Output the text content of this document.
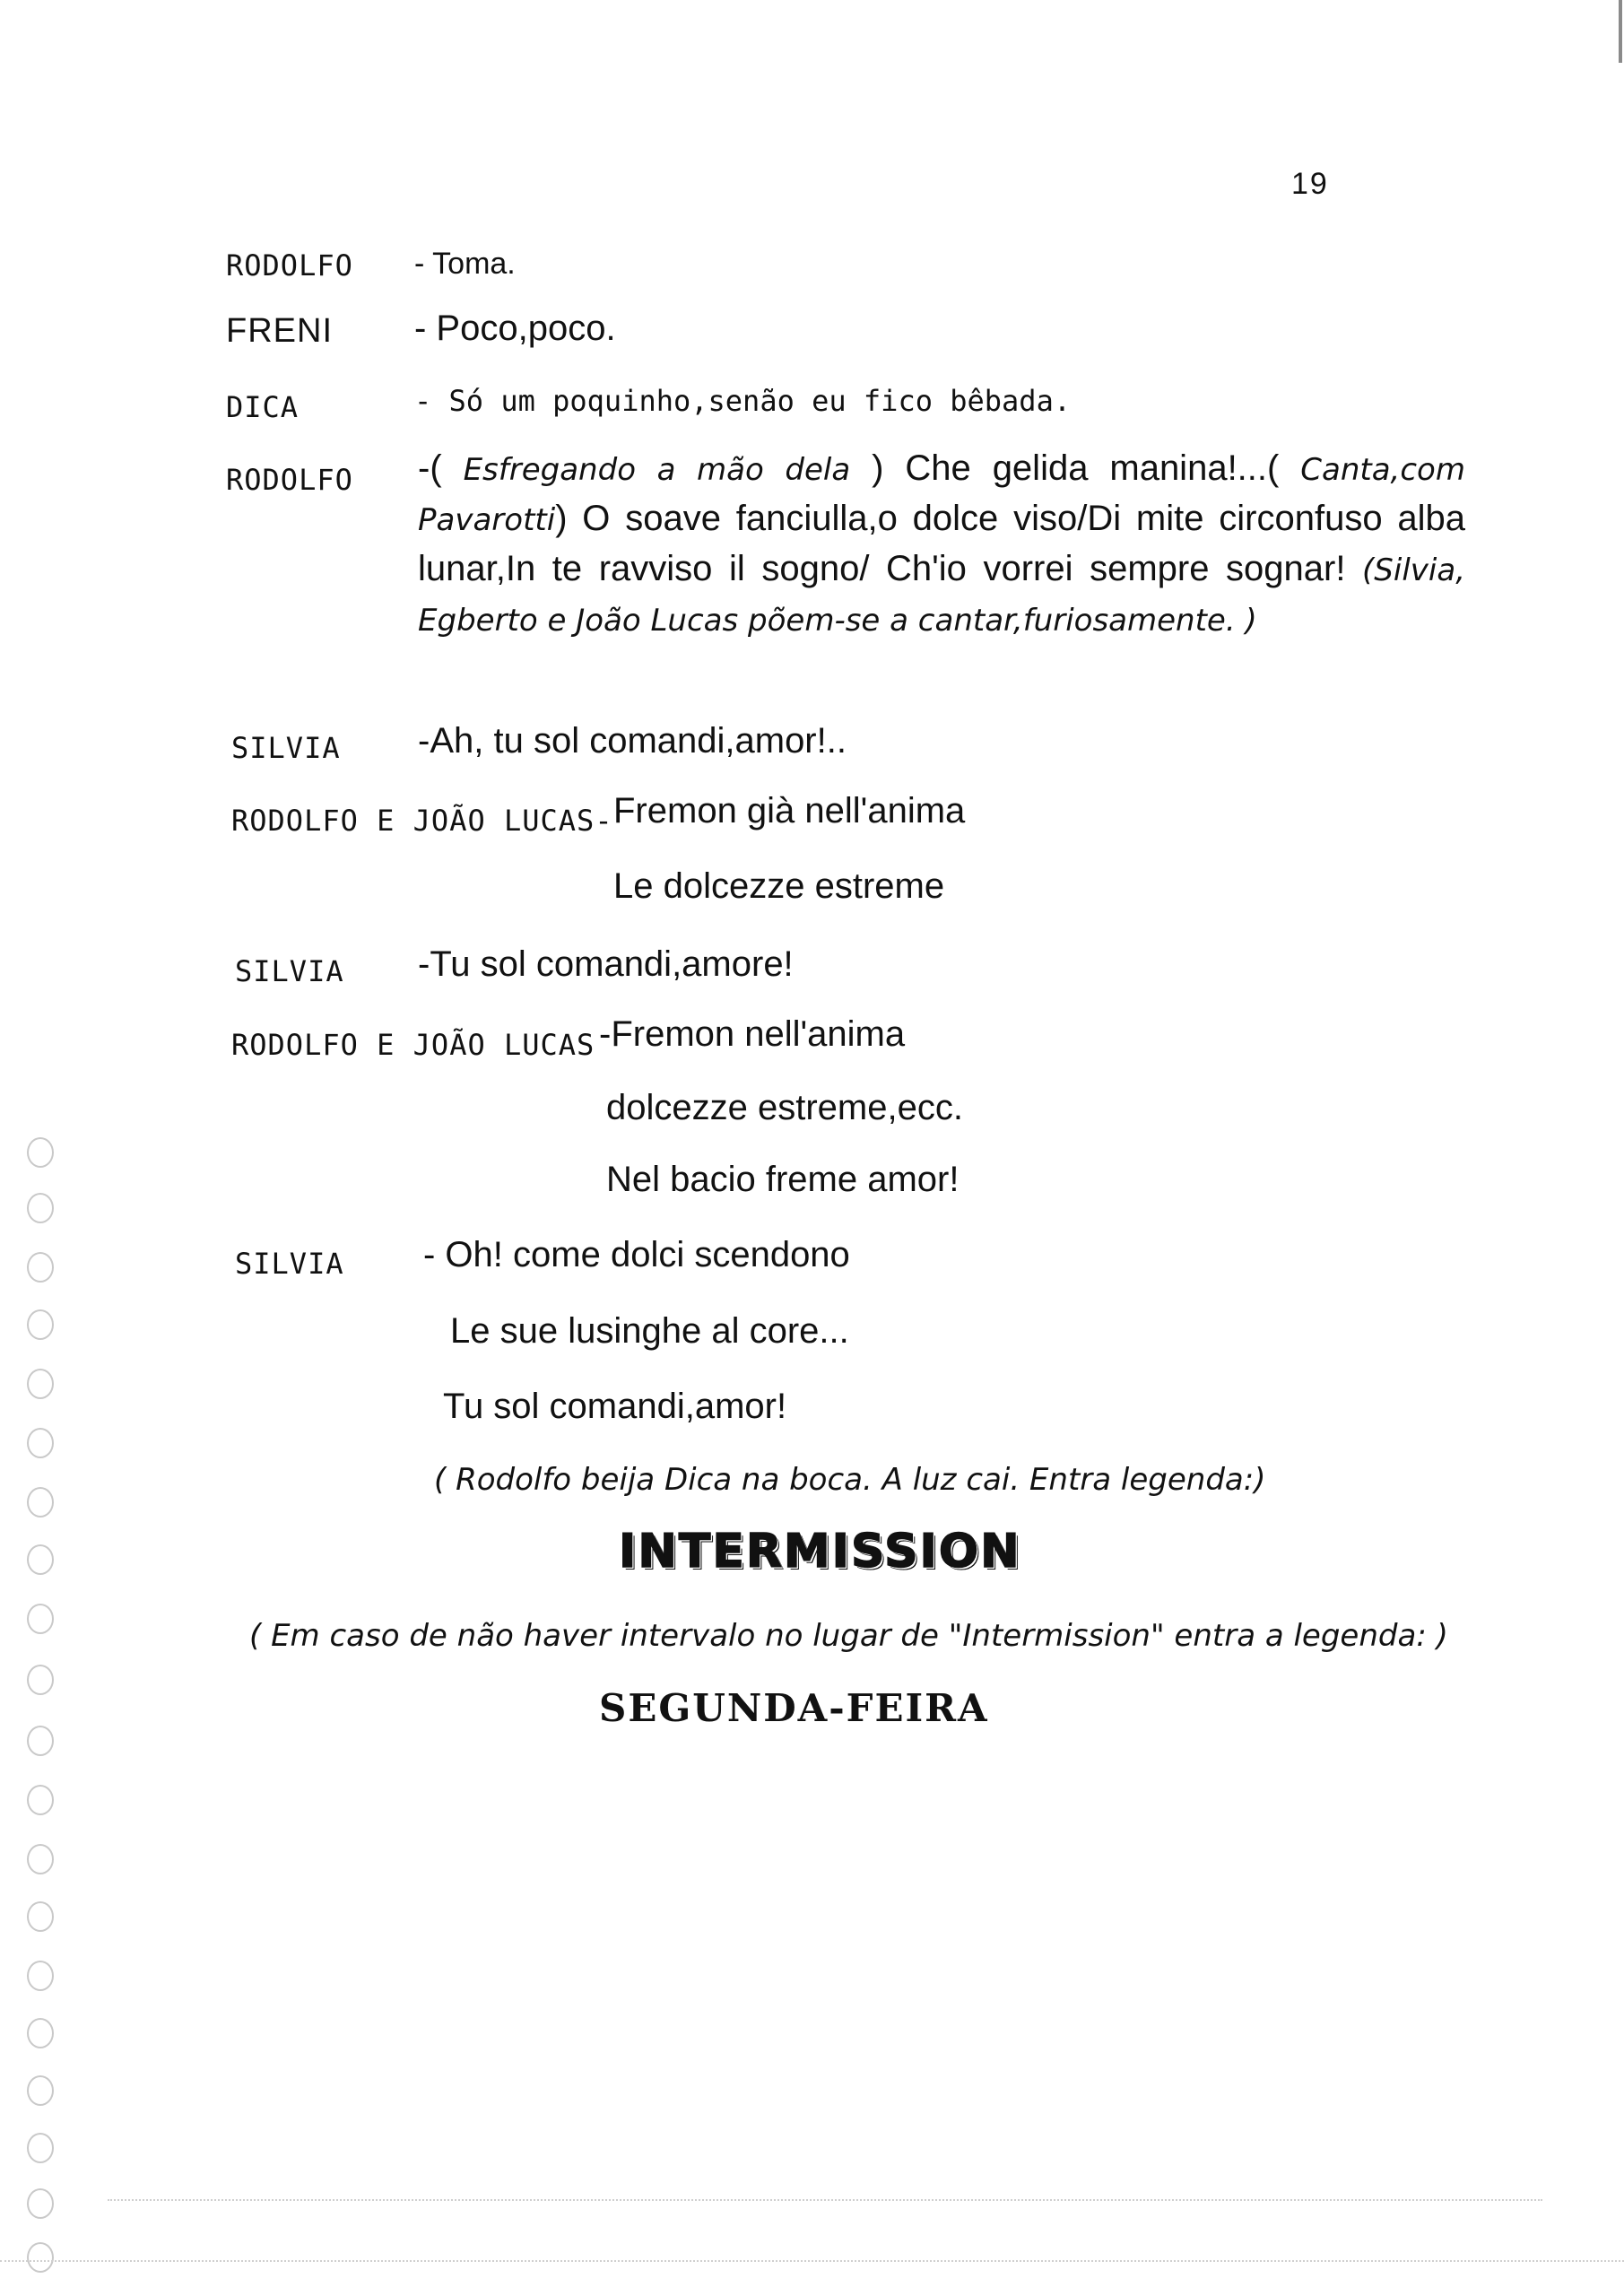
19
RODOLFO - Toma.
FRENI - Poco,poco.
DICA	- Só um poquinho,senão eu fico bêbada.
RODOLFO -( Esfregando a mão dela ) Che gelida manina!...( Canta,com Pavarotti) O soave fanciulla,o dolce viso/Di mite circonfuso alba lunar,In te ravviso il sogno/ Ch'io vorrei sempre sognar! (Silvia, Egberto e João Lucas põem-se a cantar,furiosamente. )
SILVIA -Ah, tu sol comandi,amor!..
RODOLFO E JOÃO LUCAS- Fremon già nell'anima
Le dolcezze estreme
SILVIA -Tu sol comandi,amore!
RODOLFO E JOÃO LUCAS -Fremon nell'anima
dolcezze estreme,ecc.
Nel bacio freme amor!
SILVIA - Oh! come dolci scendono
Le sue lusinghe al core...
Tu sol comandi,amor!
( Rodolfo beija Dica na boca. A luz cai. Entra legenda:)
INTERMISSION
( Em caso de não haver intervalo no lugar de "Intermission" entra a legenda: )
SEGUNDA-FEIRA
